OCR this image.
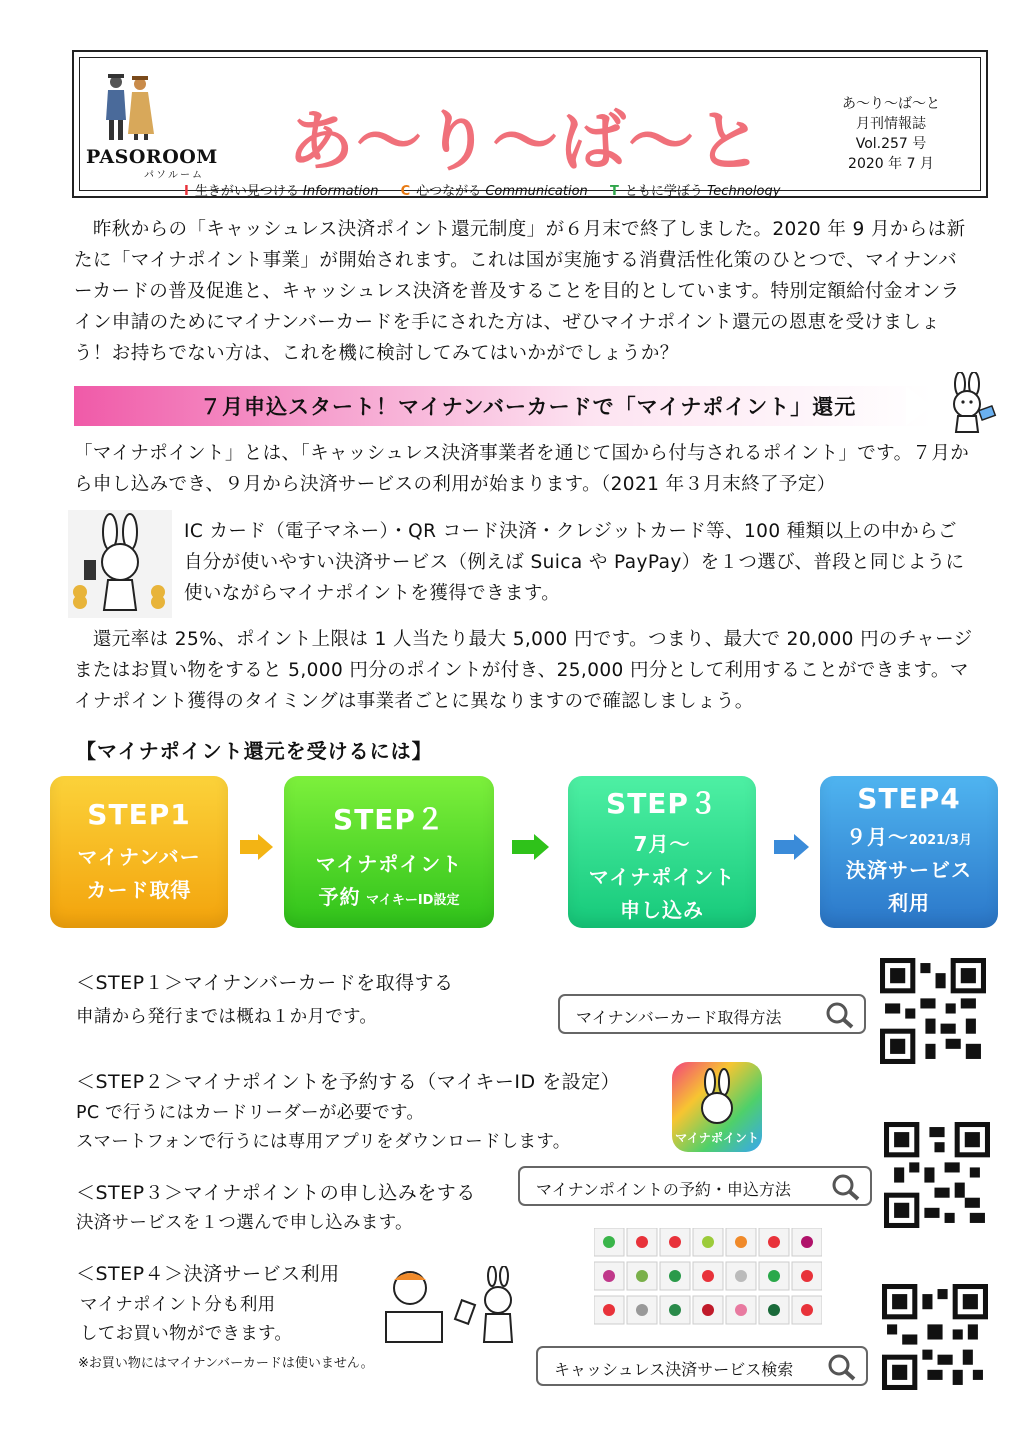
PASOROOM
パソルーム あ～り～ば～と	あ～り～ば～と
月刊情報誌
Vol.257 号
2020 年 7 月
I 生きがい見つける Information C 心つながる Communication T ともに学ぼう Technology
　昨秋からの「キャッシュレス決済ポイント還元制度」が６月末で終了しました。2020 年 9 月からは新たに「マイナポイント事業」が開始されます。これは国が実施する消費活性化策のひとつで、マイナンバーカードの普及促進と、キャッシュレス決済を普及することを目的としています。特別定額給付金オンライン申請のためにマイナンバーカードを手にされた方は、ぜひマイナポイント還元の恩恵を受けましょう！お持ちでない方は、これを機に検討してみてはいかがでしょうか？
７月申込スタート！マイナンバーカードで「マイナポイント」還元
「マイナポイント」とは、「キャッシュレス決済事業者を通じて国から付与されるポイント」です。７月から申し込みでき、９月から決済サービスの利用が始まります。（2021 年３月末終了予定）
IC カード（電子マネー）・QR コード決済・クレジットカード等、100 種類以上の中からご自分が使いやすい決済サービス（例えば Suica や PayPay）を１つ選び、普段と同じように使いながらマイナポイントを獲得できます。
　還元率は 25%、ポイント上限は 1 人当たり最大 5,000 円です。つまり、最大で 20,000 円のチャージまたはお買い物をすると 5,000 円分のポイントが付き、25,000 円分として利用することができます。マイナポイント獲得のタイミングは事業者ごとに異なりますので確認しましょう。
【マイナポイント還元を受けるには】
STEP1
マイナンバー
カード取得
STEP２
マイナポイント
予約 マイキーID設定
STEP３
7月～
マイナポイント
申し込み
STEP4
９月～2021/3月
決済サービス
利用
＜STEP１＞マイナンバーカードを取得する
申請から発行までは概ね１か月です。	マイナンバーカード取得方法
＜STEP２＞マイナポイントを予約する（マイキーID を設定）
PC で行うにはカードリーダーが必要です。
スマートフォンで行うには専用アプリをダウンロードします。	マイナポイント
＜STEP３＞マイナポイントの申し込みをする
決済サービスを１つ選んで申し込みます。
マイナンポイントの予約・申込方法
＜STEP４＞決済サービス利用
マイナポイント分も利用
してお買い物ができます。
※お買い物にはマイナンバーカードは使いません。	キャッシュレス決済サービス検索
